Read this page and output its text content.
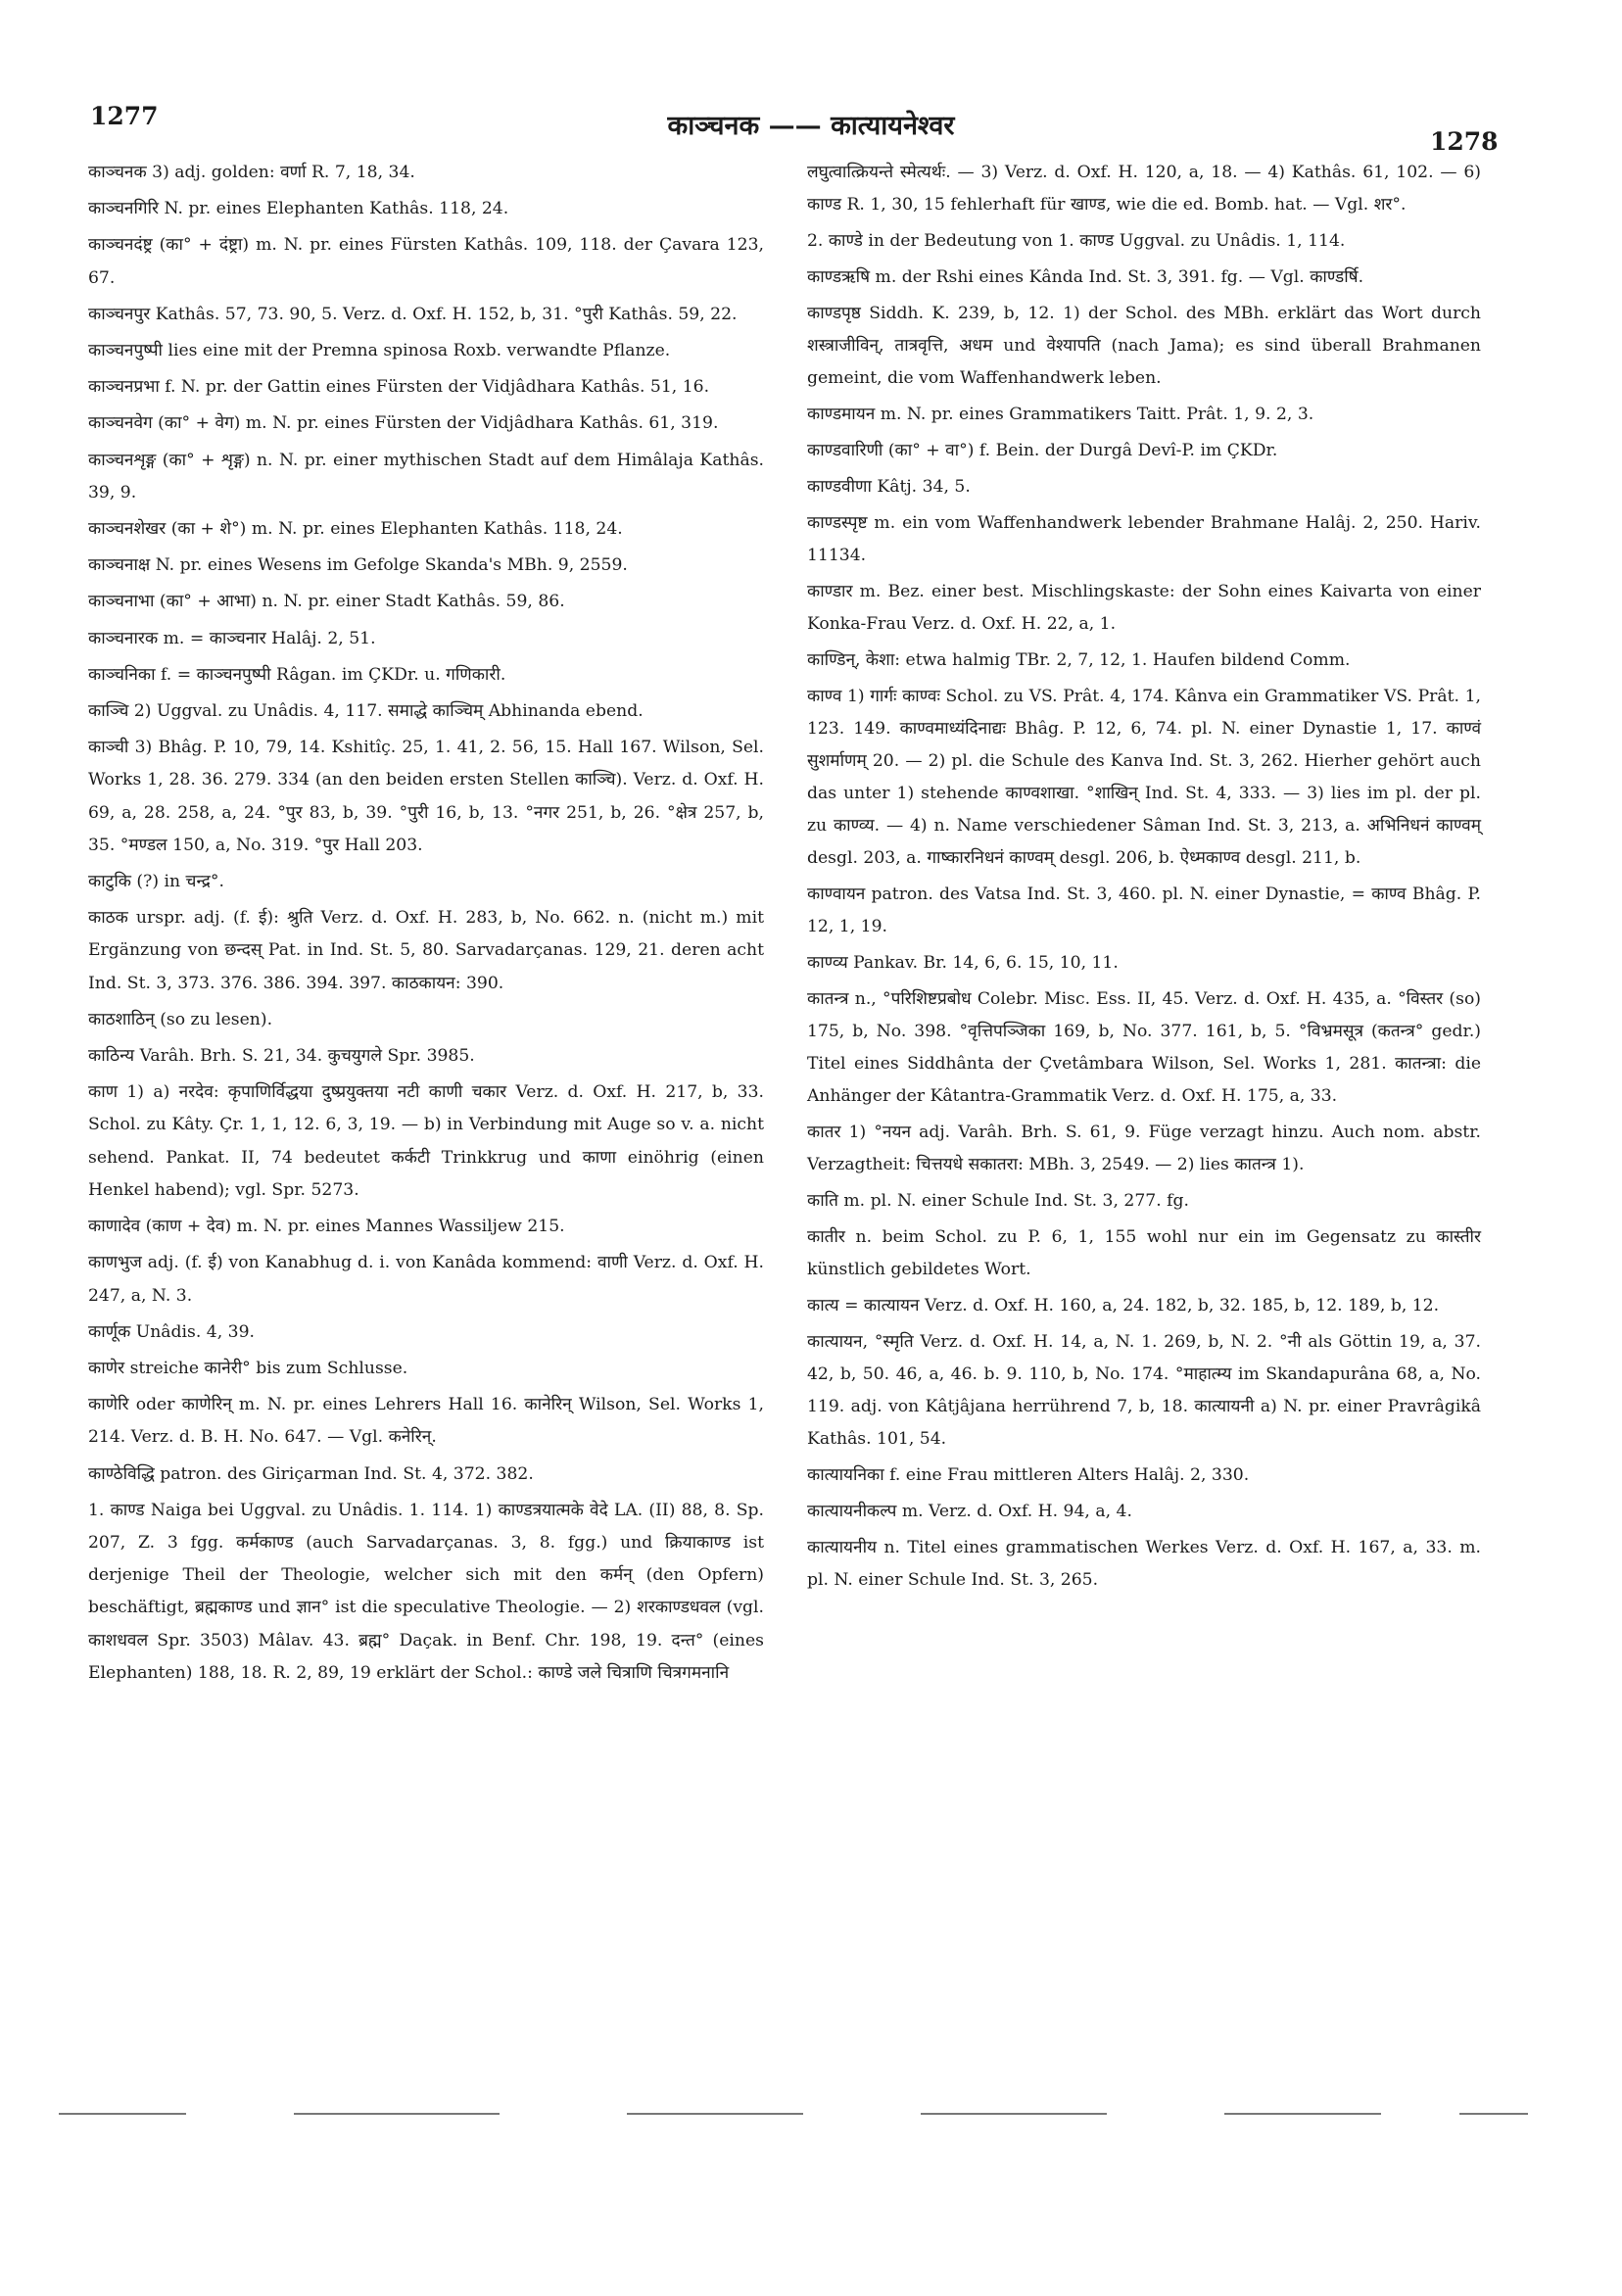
1277	काञ्चनक —— कात्यायनेश्वर
1278

काञ्चनक 3) adj. golden: वर्णा R. 7, 18, 34.

काञ्चनगिरि N. pr. eines Elephanten Kathâs. 118, 24.

काञ्चनदंष्ट्र (का° + दंष्ट्रा) m. N. pr. eines Fürsten Kathâs. 109, 118. der Çavara 123, 67.

काञ्चनपुर Kathâs. 57, 73. 90, 5. Verz. d. Oxf. H. 152, b, 31. °पुरी Kathâs. 59, 22.

काञ्चनपुष्पी lies eine mit der Premna spinosa Roxb. verwandte Pflanze.

काञ्चनप्रभा f. N. pr. der Gattin eines Fürsten der Vidjâdhara Kathâs. 51, 16.

काञ्चनवेग (का° + वेग) m. N. pr. eines Fürsten der Vidjâdhara Kathâs. 61, 319.

काञ्चनशृङ्ग (का° + शृङ्ग) n. N. pr. einer mythischen Stadt auf dem Himâlaja Kathâs. 39, 9.

काञ्चनशेखर (का + शे°) m. N. pr. eines Elephanten Kathâs. 118, 24.

काञ्चनाक्ष N. pr. eines Wesens im Gefolge Skanda's MBh. 9, 2559.

काञ्चनाभा (का° + आभा) n. N. pr. einer Stadt Kathâs. 59, 86.

काञ्चनारक m. = काञ्चनार Halâj. 2, 51.

काञ्चनिका f. = काञ्चनपुष्पी Râgan. im ÇKDr. u. गणिकारी.

काञ्चि 2) Uggval. zu Unâdis. 4, 117. समाद्धे काञ्चिम् Abhinanda ebend.

काञ्ची 3) Bhâg. P. 10, 79, 14. Kshitîç. 25, 1. 41, 2. 56, 15. Hall 167. Wilson, Sel. Works 1, 28. 36. 279. 334 (an den beiden ersten Stellen काञ्चि). Verz. d. Oxf. H. 69, a, 28. 258, a, 24. °पुर 83, b, 39. °पुरी 16, b, 13. °नगर 251, b, 26. °क्षेत्र 257, b, 35. °मण्डल 150, a, No. 319. °पुर Hall 203.

काटुकि (?) in चन्द्र°.

काठक urspr. adj. (f. ई): श्रुति Verz. d. Oxf. H. 283, b, No. 662. n. (nicht m.) mit Ergänzung von छन्दस् Pat. in Ind. St. 5, 80. Sarvadarçanas. 129, 21. deren acht Ind. St. 3, 373. 376. 386. 394. 397. काठकायन: 390.

काठशाठिन् (so zu lesen).

काठिन्य Varâh. Brh. S. 21, 34. कुचयुगले Spr. 3985.

काण 1) a) नरदेव: कृपाणिर्विद्धया दुष्प्रयुक्तया नटी काणी चकार Verz. d. Oxf. H. 217, b, 33. Schol. zu Kâty. Çr. 1, 1, 12. 6, 3, 19. — b) in Verbindung mit Auge so v. a. nicht sehend. Pankat. II, 74 bedeutet कर्कटी Trinkkrug und काणा einöhrig (einen Henkel habend); vgl. Spr. 5273.

काणादेव (काण + देव) m. N. pr. eines Mannes Wassiljew 215.

काणभुज adj. (f. ई) von Kanabhug d. i. von Kanâda kommend: वाणी Verz. d. Oxf. H. 247, a, N. 3.

कार्णूक Unâdis. 4, 39.

काणेर streiche कानेरी° bis zum Schlusse.

काणेरि oder काणेरिन् m. N. pr. eines Lehrers Hall 16. कानेरिन् Wilson, Sel. Works 1, 214. Verz. d. B. H. No. 647. — Vgl. कनेरिन्.

काण्ठेविद्धि patron. des Giriçarman Ind. St. 4, 372. 382.

1. काण्ड Naiga bei Uggval. zu Unâdis. 1. 114. 1) काण्डत्रयात्मके वेदे LA. (II) 88, 8. Sp. 207, Z. 3 fgg. कर्मकाण्ड (auch Sarvadarçanas. 3, 8. fgg.) und क्रियाकाण्ड ist derjenige Theil der Theologie, welcher sich mit den कर्मन् (den Opfern) beschäftigt, ब्रह्मकाण्ड und ज्ञान° ist die speculative Theologie. — 2) शरकाण्डधवल (vgl. काशधवल Spr. 3503) Mâlav. 43. ब्रह्म° Daçak. in Benf. Chr. 198, 19. दन्त° (eines Elephanten) 188, 18. R. 2, 89, 19 erklärt der Schol.: काण्डे जले चित्राणि चित्रगमनानि

लघुत्वात्क्रियन्ते स्मेत्यर्थः. — 3) Verz. d. Oxf. H. 120, a, 18. — 4) Kathâs. 61, 102. — 6) काण्ड R. 1, 30, 15 fehlerhaft für खाण्ड, wie die ed. Bomb. hat. — Vgl. शर°.

2. काण्डे in der Bedeutung von 1. काण्ड Uggval. zu Unâdis. 1, 114.

काण्डऋषि m. der Rshi eines Kânda Ind. St. 3, 391. fg. — Vgl. काण्डर्षि.

काण्डपृष्ठ Siddh. K. 239, b, 12. 1) der Schol. des MBh. erklärt das Wort durch शस्त्राजीविन्, तात्रवृत्ति, अधम und वेश्यापति (nach Jama); es sind überall Brahmanen gemeint, die vom Waffenhandwerk leben.

काण्डमायन m. N. pr. eines Grammatikers Taitt. Prât. 1, 9. 2, 3.

काण्डवारिणी (का° + वा°) f. Bein. der Durgâ Devî-P. im ÇKDr.

काण्डवीणा Kâtj. 34, 5.

काण्डस्पृष्ट m. ein vom Waffenhandwerk lebender Brahmane Halâj. 2, 250. Hariv. 11134.

काण्डार m. Bez. einer best. Mischlingskaste: der Sohn eines Kaivarta von einer Konka-Frau Verz. d. Oxf. H. 22, a, 1.

काण्डिन्, केशा: etwa halmig TBr. 2, 7, 12, 1. Haufen bildend Comm.

काण्व 1) गार्गः काण्वः Schol. zu VS. Prât. 4, 174. Kânva ein Grammatiker VS. Prât. 1, 123. 149. काण्वमाध्यंदिनाद्यः Bhâg. P. 12, 6, 74. pl. N. einer Dynastie 1, 17. काण्वं सुशर्माणम् 20. — 2) pl. die Schule des Kanva Ind. St. 3, 262. Hierher gehört auch das unter 1) stehende काण्वशाखा. °शाखिन् Ind. St. 4, 333. — 3) lies im pl. der pl. zu काण्व्य. — 4) n. Name verschiedener Sâman Ind. St. 3, 213, a. अभिनिधनं काण्वम् desgl. 203, a. गाष्कारनिधनं काण्वम् desgl. 206, b. ऐध्मकाण्व desgl. 211, b.

काण्वायन patron. des Vatsa Ind. St. 3, 460. pl. N. einer Dynastie, = काण्व Bhâg. P. 12, 1, 19.

काण्व्य Pankav. Br. 14, 6, 6. 15, 10, 11.

कातन्त्र n., °परिशिष्टप्रबोध Colebr. Misc. Ess. II, 45. Verz. d. Oxf. H. 435, a. °विस्तर (so) 175, b, No. 398. °वृत्तिपञ्जिका 169, b, No. 377. 161, b, 5. °विभ्रमसूत्र (कतन्त्र° gedr.) Titel eines Siddhânta der Çvetâmbara Wilson, Sel. Works 1, 281. कातन्त्रा: die Anhänger der Kâtantra-Grammatik Verz. d. Oxf. H. 175, a, 33.

कातर 1) °नयन adj. Varâh. Brh. S. 61, 9. Füge verzagt hinzu. Auch nom. abstr. Verzagtheit: चित्तयधे सकातरा: MBh. 3, 2549. — 2) lies कातन्त्र 1).

काति m. pl. N. einer Schule Ind. St. 3, 277. fg.

कातीर n. beim Schol. zu P. 6, 1, 155 wohl nur ein im Gegensatz zu कास्तीर künstlich gebildetes Wort.

कात्य = कात्यायन Verz. d. Oxf. H. 160, a, 24. 182, b, 32. 185, b, 12. 189, b, 12.

कात्यायन, °स्मृति Verz. d. Oxf. H. 14, a, N. 1. 269, b, N. 2. °नी als Göttin 19, a, 37. 42, b, 50. 46, a, 46. b. 9. 110, b, No. 174. °माहात्म्य im Skandapurâna 68, a, No. 119. adj. von Kâtjâjana herrührend 7, b, 18. कात्यायनी a) N. pr. einer Pravrâgikâ Kathâs. 101, 54.

कात्यायनिका f. eine Frau mittleren Alters Halâj. 2, 330.

कात्यायनीकल्प m. Verz. d. Oxf. H. 94, a, 4.

कात्यायनीय n. Titel eines grammatischen Werkes Verz. d. Oxf. H. 167, a, 33. m. pl. N. einer Schule Ind. St. 3, 265.
